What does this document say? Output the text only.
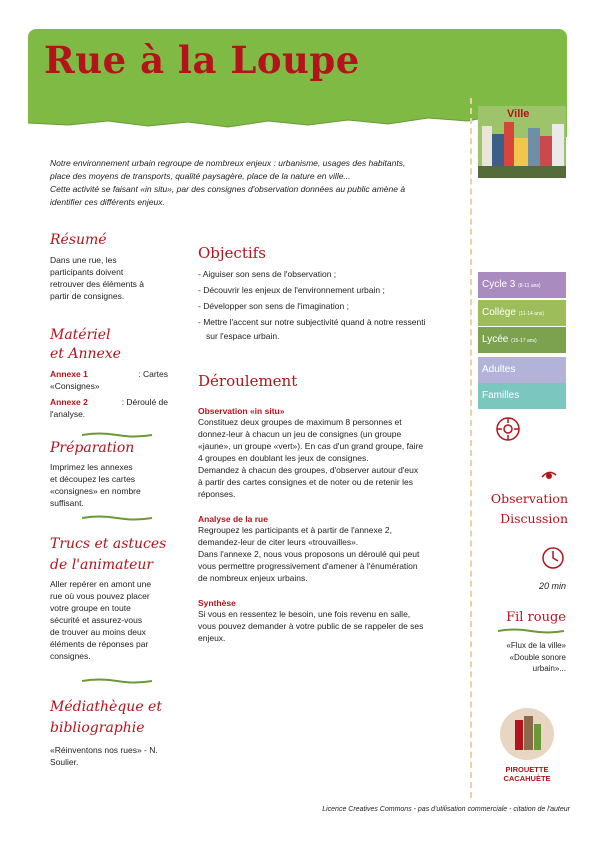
Rue à la Loupe
Ville
Cycle 3 (8-11 ans)
Collège (11-14 ans)
Lycée (15-17 ans)
Adultes
Familles
Observation
Discussion
20 min
Fil rouge
«Flux de la ville»
«Double sonore
urbain»...
PIROUETTE
CACAHUÈTE
Notre environnement urbain regroupe de nombreux enjeux : urbanisme, usages des habitants,
place des moyens de transports, qualité paysagère, place de la nature en ville...
Cette activité se faisant «in situ», par des consignes d'observation données au public amène à
identifier ces différents enjeux.
Résumé
Dans une rue, les
participants doivent
retrouver des éléments à
partir de consignes.
Matériel
et Annexe
Annexe 1	: Cartes
«Consignes»
Annexe 2	: Déroulé de
l'analyse.
Préparation
Imprimez les annexes
et découpez les cartes
«consignes» en nombre
suffisant.
Trucs et astuces
de l'animateur
Aller repérer en amont une
rue où vous pouvez placer
votre groupe en toute
sécurité et assurez-vous
de trouver au moins deux
éléments de réponses par
consignes.
Médiathèque et
bibliographie
«Réinventons nos rues» - N.
Soulier.
Objectifs
- Aiguiser son sens de l'observation ;
- Découvrir les enjeux de l'environnement urbain ;
- Développer son sens de l'imagination ;
- Mettre l'accent sur notre subjectivité quand à notre ressenti
sur l'espace urbain.
Déroulement
Observation «in situ»
Constituez deux groupes de maximum 8 personnes et
donnez-leur à chacun un jeu de consignes (un groupe
«jaune», un groupe «vert»). En cas d'un grand groupe, faire
4 groupes en doublant les jeux de consignes.
Demandez à chacun des groupes, d'observer autour d'eux
à partir des cartes consignes et de noter ou de retenir les
réponses.
Analyse de la rue
Regroupez les participants et à partir de l'annexe 2,
demandez-leur de citer leurs «trouvailles».
Dans l'annexe 2, nous vous proposons un déroulé qui peut
vous permettre progressivement d'amener à l'énumération
de nombreux enjeux urbains.
Synthèse
Si vous en ressentez le besoin, une fois revenu en salle,
vous pouvez demander à votre public de se rappeler de ses
enjeux.
Licence Creatives Commons - pas d'utilisation commerciale - citation de l'auteur
